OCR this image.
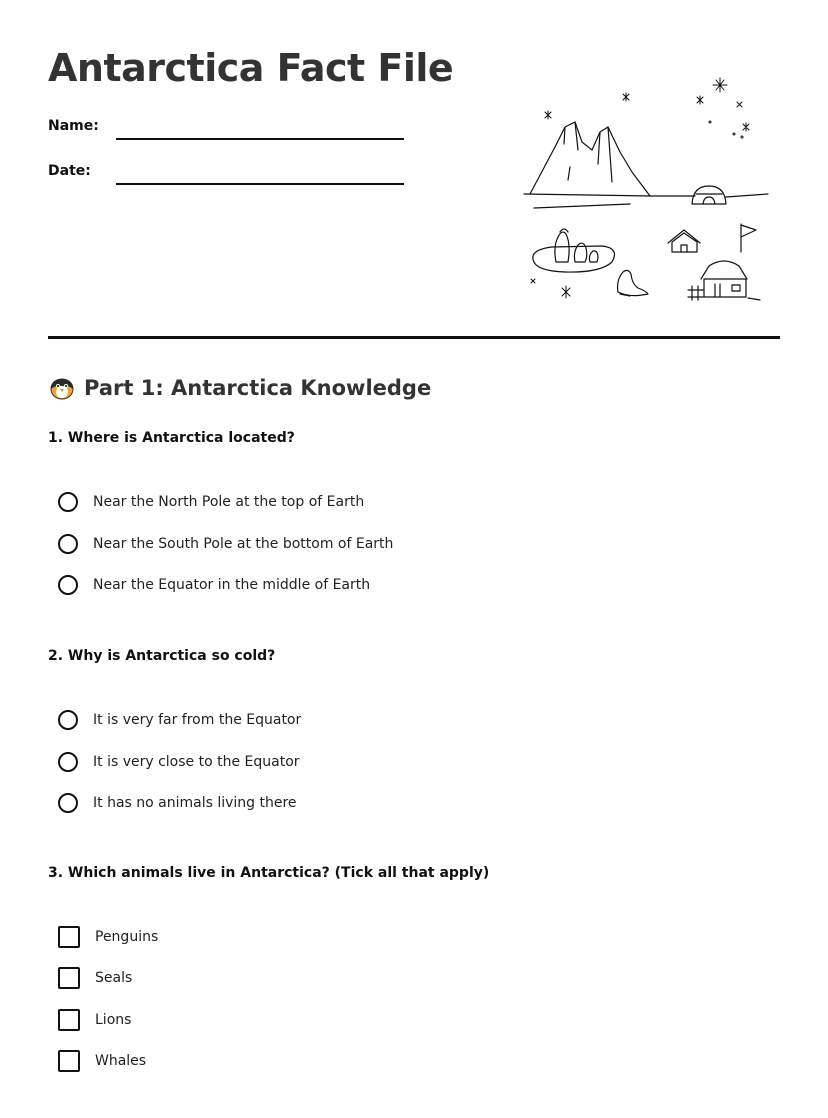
Antarctica Fact File
Name:
Date:
Part 1: Antarctica Knowledge

1. Where is Antarctica located?

Near the North Pole at the top of Earth
Near the South Pole at the bottom of Earth
Near the Equator in the middle of Earth

2. Why is Antarctica so cold?

It is very far from the Equator
It is very close to the Equator
It has no animals living there

3. Which animals live in Antarctica? (Tick all that apply)

Penguins
Seals
Lions
Whales
